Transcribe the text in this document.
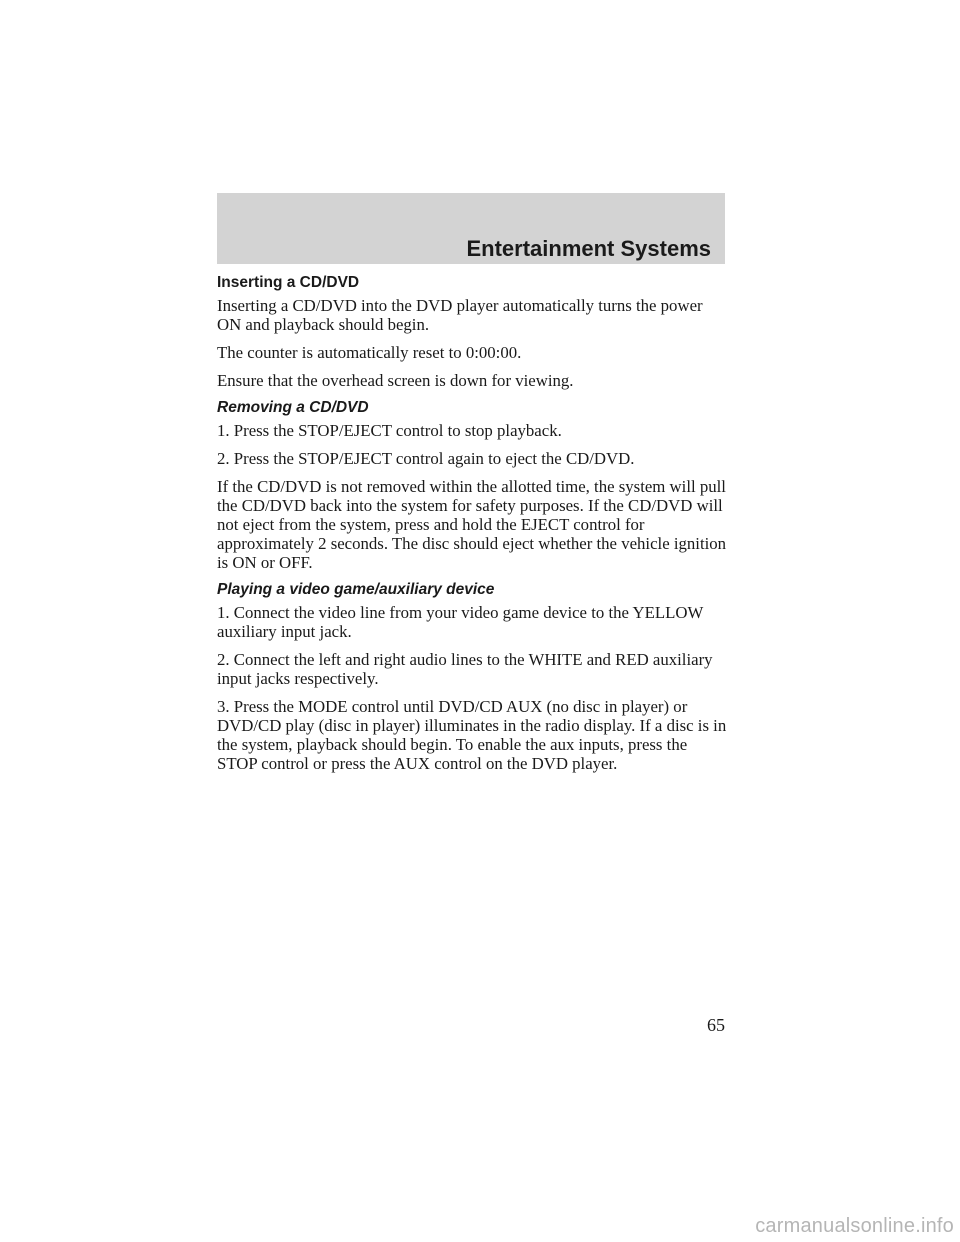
Entertainment Systems
Inserting a CD/DVD

Inserting a CD/DVD into the DVD player automatically turns the power ON and playback should begin.

The counter is automatically reset to 0:00:00.

Ensure that the overhead screen is down for viewing.

Removing a CD/DVD

1. Press the STOP/EJECT control to stop playback.

2. Press the STOP/EJECT control again to eject the CD/DVD.

If the CD/DVD is not removed within the allotted time, the system will pull the CD/DVD back into the system for safety purposes. If the CD/DVD will not eject from the system, press and hold the EJECT control for approximately 2 seconds. The disc should eject whether the vehicle ignition is ON or OFF.

Playing a video game/auxiliary device

1. Connect the video line from your video game device to the YELLOW auxiliary input jack.

2. Connect the left and right audio lines to the WHITE and RED auxiliary input jacks respectively.

3. Press the MODE control until DVD/CD AUX (no disc in player) or DVD/CD play (disc in player) illuminates in the radio display. If a disc is in the system, playback should begin. To enable the aux inputs, press the STOP control or press the AUX control on the DVD player.

65
carmanualsonline.info
